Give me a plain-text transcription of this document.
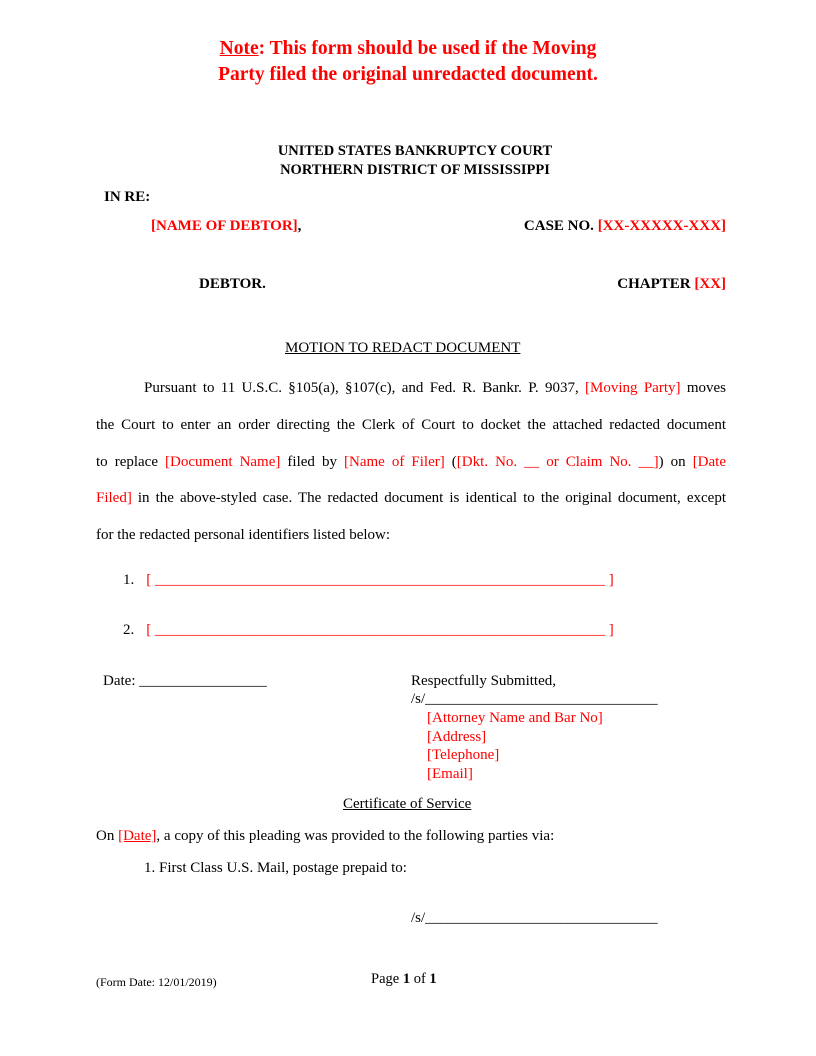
Note: This form should be used if the Moving
Party filed the original unredacted document.
UNITED STATES BANKRUPTCY COURT
NORTHERN DISTRICT OF MISSISSIPPI
IN RE:
[NAME OF DEBTOR],	CASE NO. [XX-XXXXX-XXX]
DEBTOR.	CHAPTER [XX]
MOTION TO REDACT DOCUMENT
Pursuant to 11 U.S.C. §105(a), §107(c), and Fed. R. Bankr. P. 9037, [Moving Party] moves
the Court to enter an order directing the Clerk of Court to docket the attached redacted document
to replace [Document Name] filed by [Name of Filer] ([Dkt. No. __ or Claim No. __]) on [Date
Filed] in the above-styled case. The redacted document is identical to the original document, except
for the redacted personal identifiers listed below:
1. [ ____________________________________________________________ ]
2. [ ____________________________________________________________ ]
Date: _________________	Respectfully Submitted,
/s/_______________________________
[Attorney Name and Bar No]
[Address]
[Telephone]
[Email]
Certificate of Service
On [Date], a copy of this pleading was provided to the following parties via:
1. First Class U.S. Mail, postage prepaid to:
/s/_______________________________
(Form Date: 12/01/2019)	Page 1 of 1
